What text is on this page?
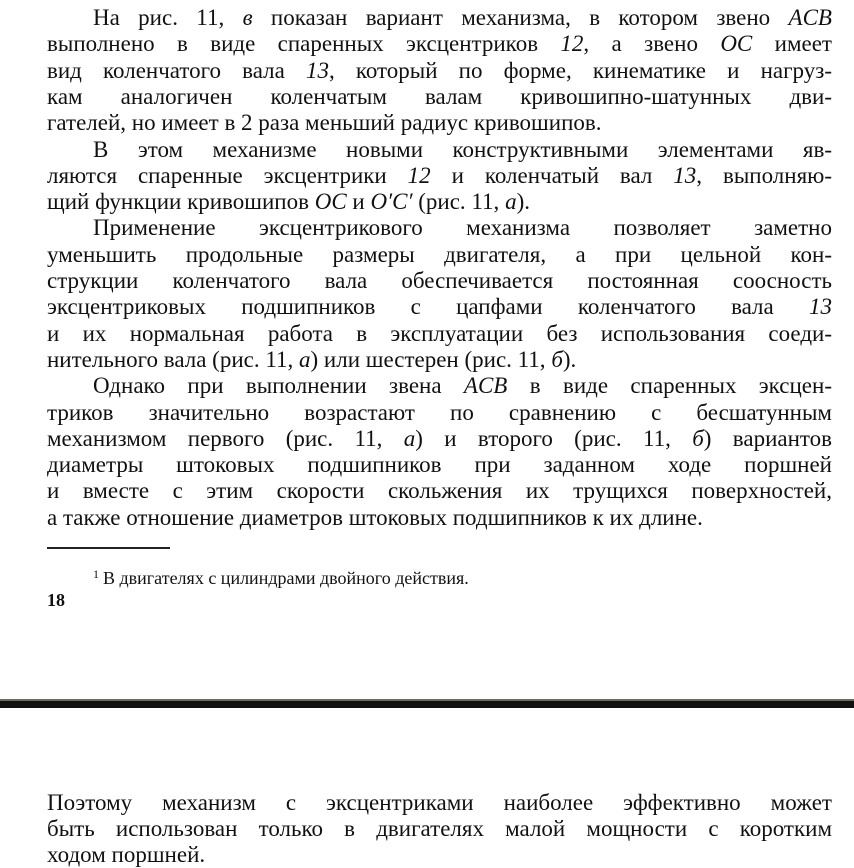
На рис. 11, в показан вариант механизма, в котором звено ACB
выполнено в виде спаренных эксцентриков 12, а звено OC имеет
вид коленчатого вала 13, который по форме, кинематике и нагруз-
кам аналогичен коленчатым валам кривошипно-шатунных дви-
гателей, но имеет в 2 раза меньший радиус кривошипов.
В этом механизме новыми конструктивными элементами яв-
ляются спаренные эксцентрики 12 и коленчатый вал 13, выполняю-
щий функции кривошипов OC и O′C′ (рис. 11, а).
Применение эксцентрикового механизма позволяет заметно
уменьшить продольные размеры двигателя, а при цельной кон-
струкции коленчатого вала обеспечивается постоянная соосность
эксцентриковых подшипников с цапфами коленчатого вала 13
и их нормальная работа в эксплуатации без использования соеди-
нительного вала (рис. 11, а) или шестерен (рис. 11, б).
Однако при выполнении звена ACB в виде спаренных эксцен-
триков значительно возрастают по сравнению с бесшатунным
механизмом первого (рис. 11, а) и второго (рис. 11, б) вариантов
диаметры штоковых подшипников при заданном ходе поршней
и вместе с этим скорости скольжения их трущихся поверхностей,
а также отношение диаметров штоковых подшипников к их длине.
$^1$ В двигателях с цилиндрами двойного действия.
18
Поэтому механизм с эксцентриками наиболее эффективно может
быть использован только в двигателях малой мощности с коротким
ходом поршней.
